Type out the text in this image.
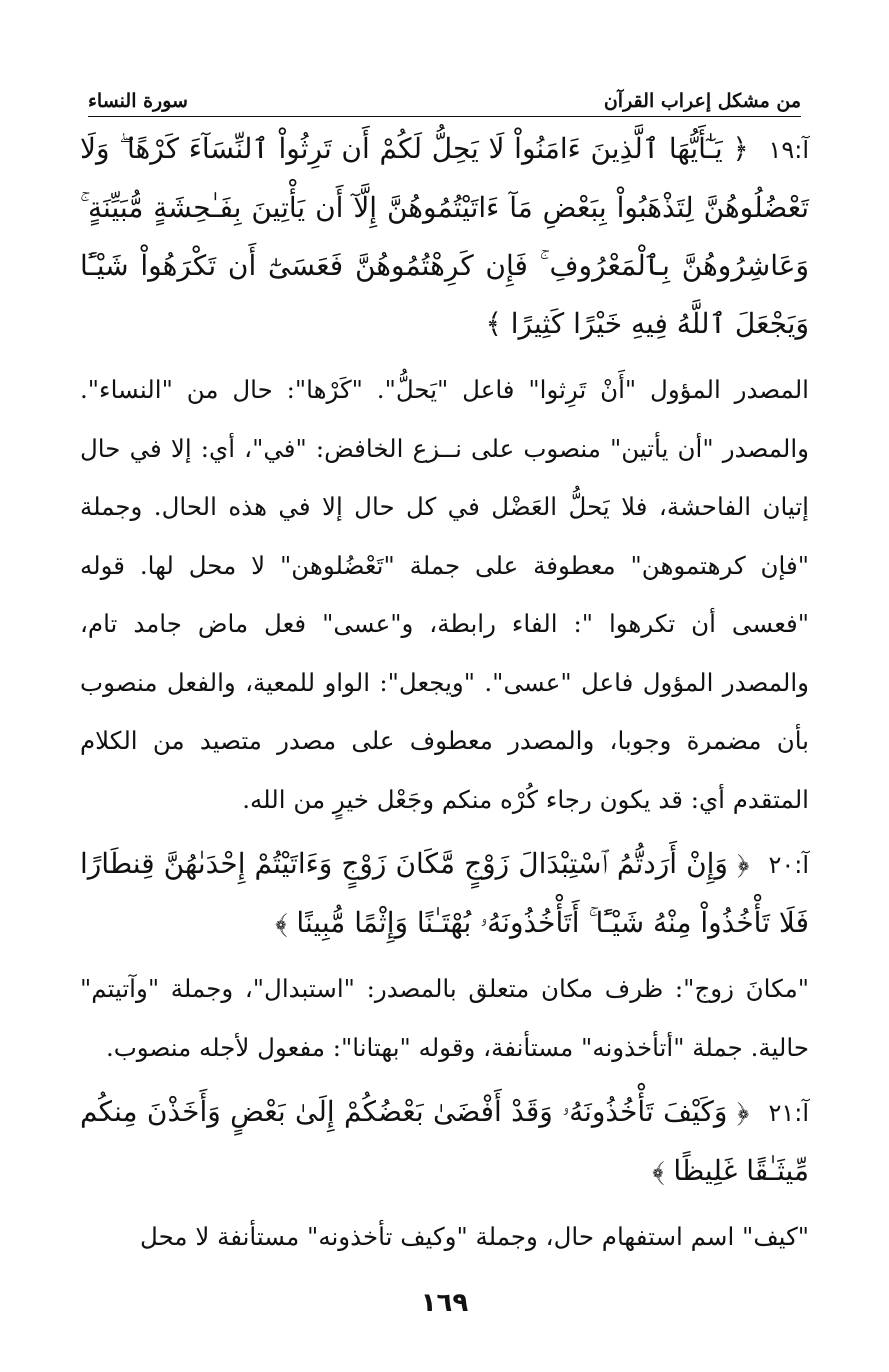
من مشكل إعراب القرآن
سورة النساء

آ:١٩ ﴿ يَـٰٓأَيُّهَا ٱلَّذِينَ ءَامَنُواْ لَا يَحِلُّ لَكُمْ أَن تَرِثُواْ ٱلنِّسَآءَ كَرْهًا ۖ وَلَا تَعْضُلُوهُنَّ لِتَذْهَبُواْ بِبَعْضِ مَآ ءَاتَيْتُمُوهُنَّ إِلَّآ أَن يَأْتِينَ بِفَـٰحِشَةٍ مُّبَيِّنَةٍ ۚ وَعَاشِرُوهُنَّ بِٱلْمَعْرُوفِ ۚ فَإِن كَرِهْتُمُوهُنَّ فَعَسَىٰٓ أَن تَكْرَهُواْ شَيْـًٔا وَيَجْعَلَ ٱللَّهُ فِيهِ خَيْرًا كَثِيرًا ﴾

المصدر المؤول "أَنْ تَرِثوا" فاعل "يَحلُّ". "كَرْها": حال من "النساء". والمصدر "أن يأتين" منصوب على نــزع الخافض: "في"، أي: إلا في حال إتيان الفاحشة، فلا يَحلُّ العَضْل في كل حال إلا في هذه الحال. وجملة "فإن كرهتموهن" معطوفة على جملة "تَعْضُلوهن" لا محل لها. قوله "فعسى أن تكرهوا ": الفاء رابطة، و"عسى" فعل ماض جامد تام، والمصدر المؤول فاعل "عسى". "ويجعل": الواو للمعية، والفعل منصوب بأن مضمرة وجوبا، والمصدر معطوف على مصدر متصيد من الكلام المتقدم أي: قد يكون رجاء كُرْه منكم وجَعْل خيرٍ من الله.

آ:٢٠ ﴿ وَإِنْ أَرَدتُّمُ ٱسْتِبْدَالَ زَوْجٍ مَّكَانَ زَوْجٍ وَءَاتَيْتُمْ إِحْدَىٰهُنَّ قِنطَارًا فَلَا تَأْخُذُواْ مِنْهُ شَيْـًٔا ۚ أَتَأْخُذُونَهُۥ بُهْتَـٰنًا وَإِثْمًا مُّبِينًا ﴾

"مكانَ زوج": ظرف مكان متعلق بالمصدر: "استبدال"، وجملة "وآتيتم" حالية. جملة "أتأخذونه" مستأنفة، وقوله "بهتانا": مفعول لأجله منصوب.

آ:٢١ ﴿ وَكَيْفَ تَأْخُذُونَهُۥ وَقَدْ أَفْضَىٰ بَعْضُكُمْ إِلَىٰ بَعْضٍ وَأَخَذْنَ مِنكُم مِّيثَـٰقًا غَلِيظًا ﴾

"كيف" اسم استفهام حال، وجملة "وكيف تأخذونه" مستأنفة لا محل

١٦٩
